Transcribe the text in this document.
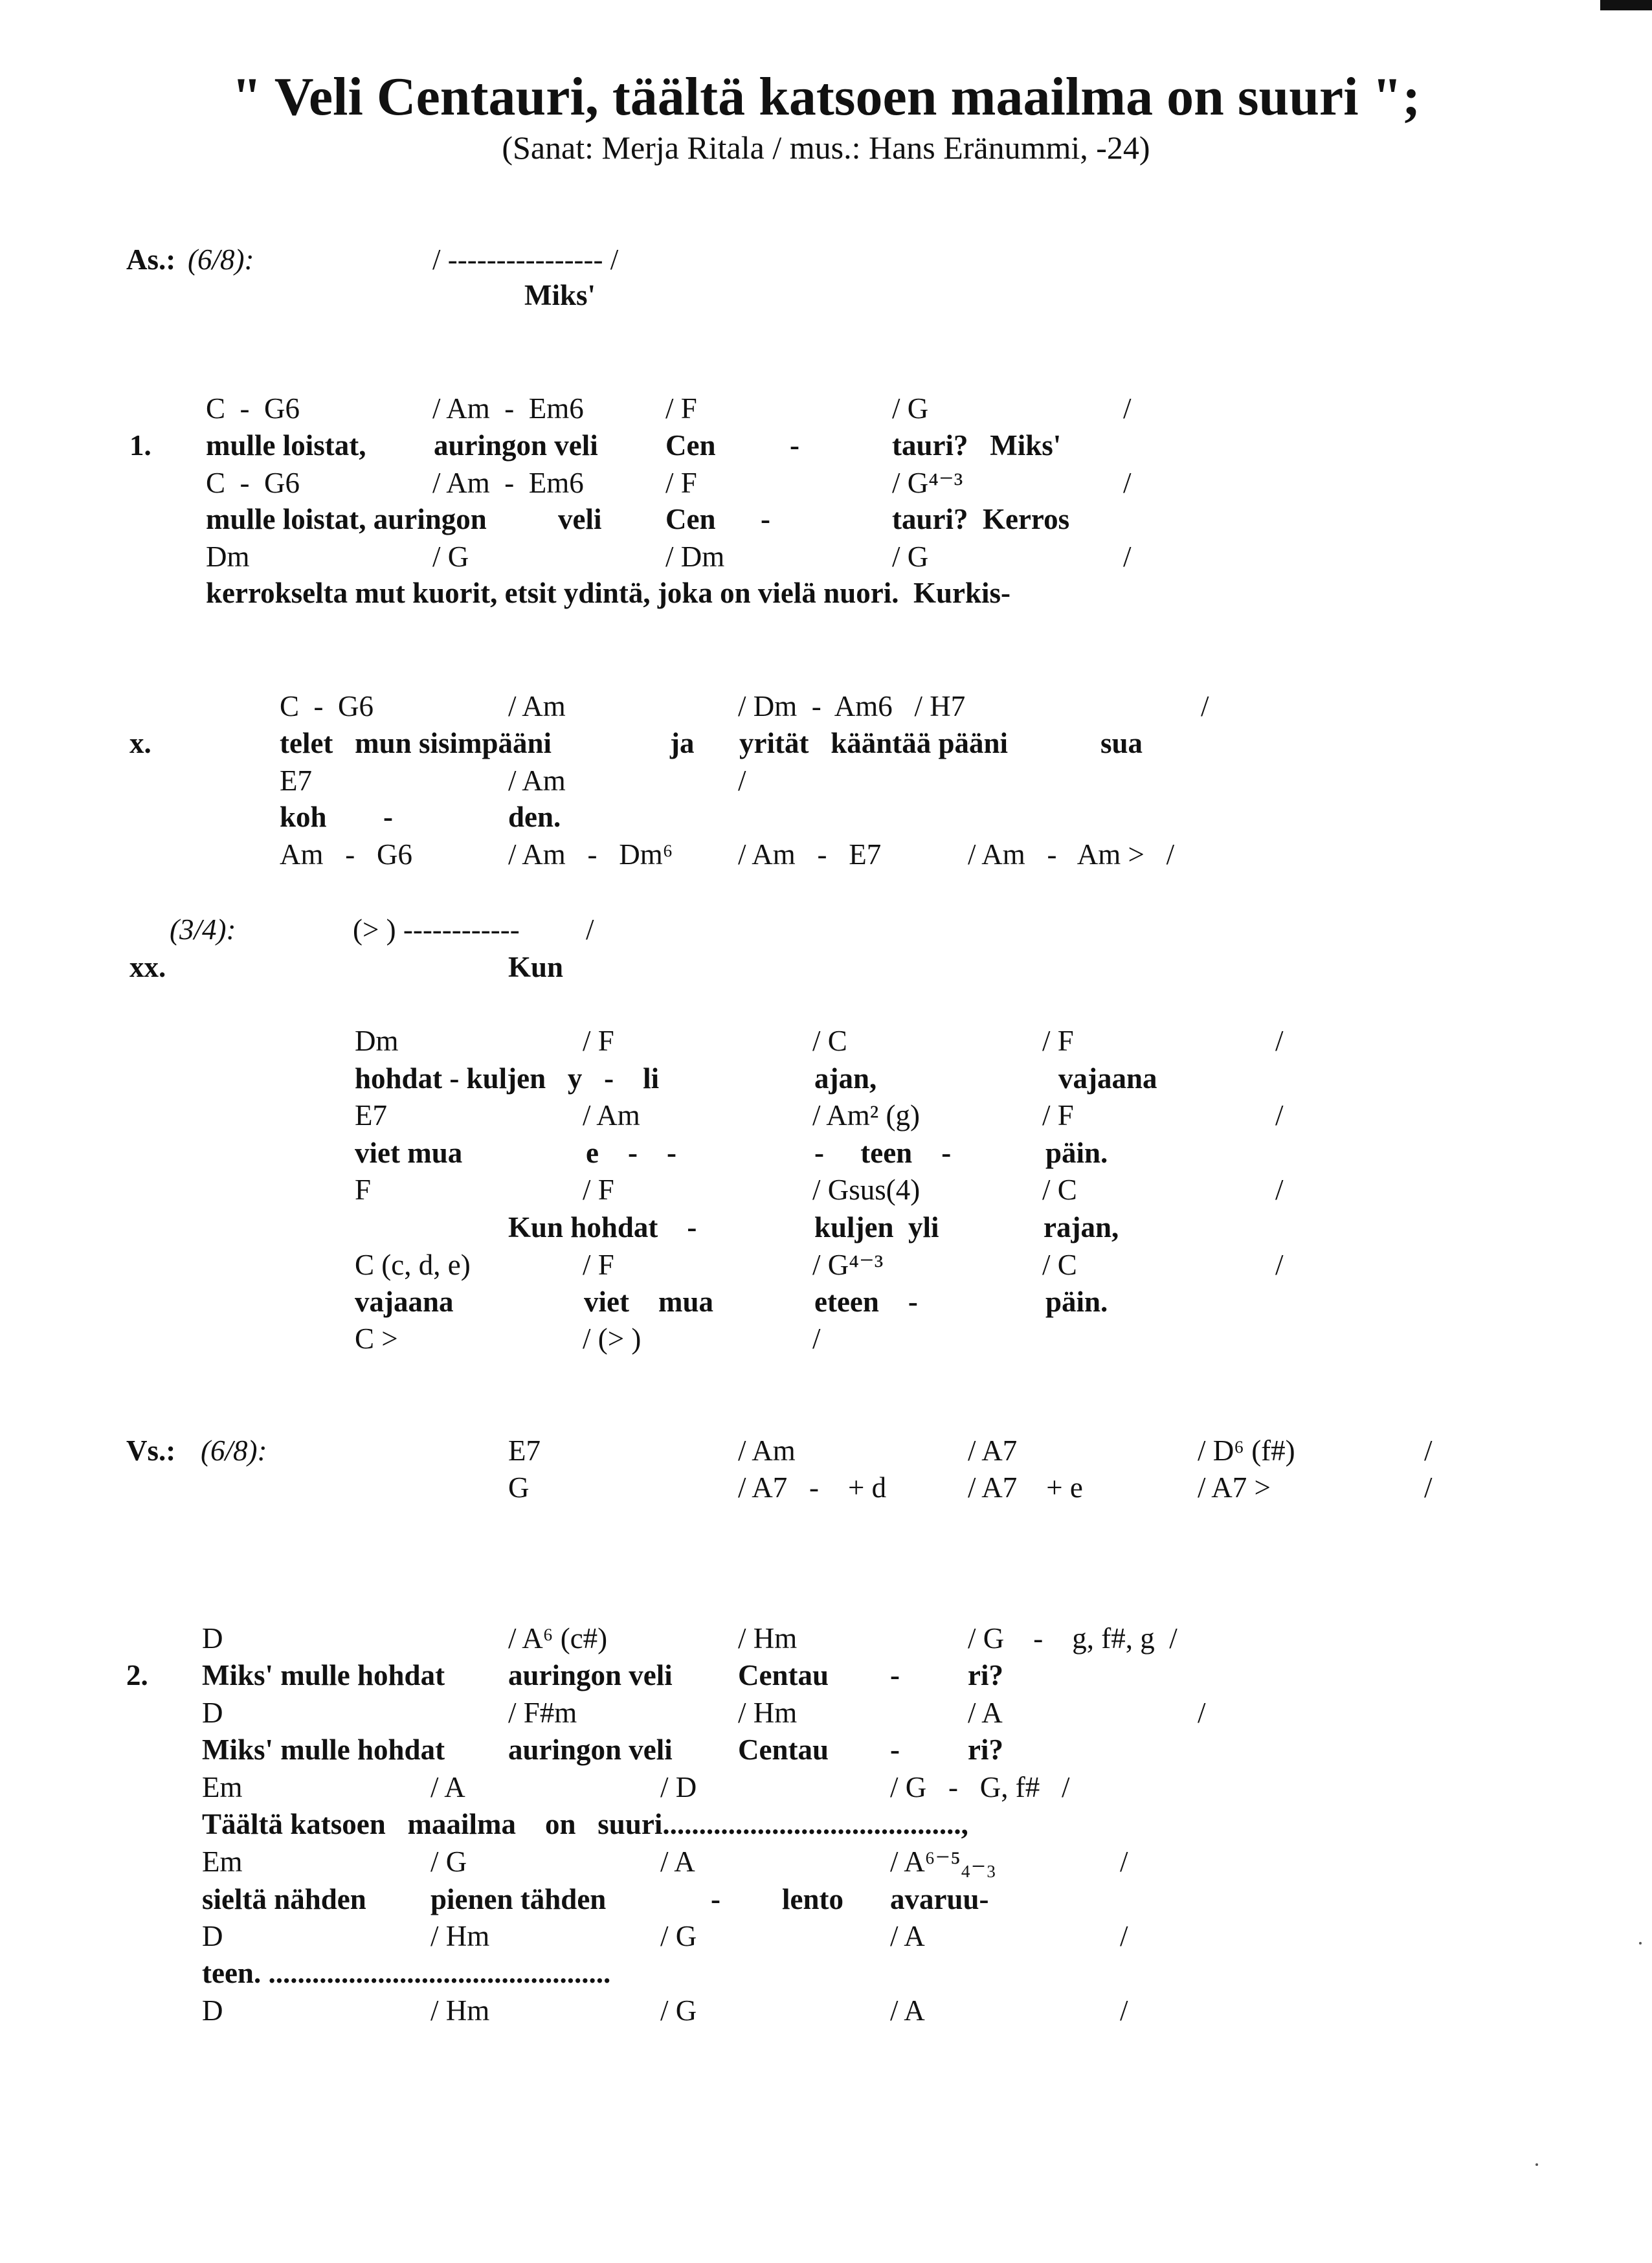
" Veli Centauri, täältä katsoen maailma on suuri ";
(Sanat: Merja Ritala / mus.: Hans Eränummi, -24)
As.: (6/8):	/ ---------------- /
Miks'
C  -  G6	/ Am  -  Em6	/ F	/ G	/
1. mulle loistat, auringon veli Cen	-	tauri?   Miks'
C  -  G6	/ Am  -  Em6	/ F	/ G⁴⁻³	/
mulle loistat, auringon veli Cen -	tauri?  Kerros
Dm	/ G	/ Dm	/ G	/
kerrokselta mut kuorit, etsit ydintä, joka on vielä nuori.  Kurkis-
C  -  G6	/ Am	/ Dm  -  Am6   / H7	/
x.	telet   mun sisimpääni	ja yrität   kääntää pääni	sua
E7	/ Am	/
koh -	den.
Am   -   G6	/ Am   -   Dm⁶ / Am   -   E7	/ Am   -   Am >   /
(3/4):	(> ) ------------ /
xx.	Kun
Dm	/ F	/ C	/ F	/
hohdat - kuljen   y   -    li	ajan,	vajaana
E7	/ Am	/ Am² (g)	/ F	/
viet mua	e    -    -	-     teen    -	päin.
F	/ F	/ Gsus(4)	/ C	/
Kun hohdat    -	kuljen  yli	rajan,
C (c, d, e)	/ F	/ G⁴⁻³	/ C	/
vajaana	viet    mua	eteen    -	päin.
C >	/ (> )	/
Vs.: (6/8):	E7	/ Am	/ A7	/ D⁶ (f#)	/
G	/ A7   -    + d	/ A7    + e	/ A7 >	/
D	/ A⁶ (c#)	/ Hm	/ G    -    g, f#, g  /
2. Miks' mulle hohdat auringon veli Centau - ri?
D	/ F#m	/ Hm	/ A	/
Miks' mulle hohdat auringon veli Centau - ri?
Em	/ A	/ D	/ G   -   G, f#   /
Täältä katsoen   maailma    on   suuri.........................................,
Em	/ G	/ A	/ A⁶⁻⁵₄₋₃	/
sieltä nähden pienen tähden	- lento avaruu-
D	/ Hm	/ G	/ A	/
teen. ...............................................
D	/ Hm	/ G	/ A	/
